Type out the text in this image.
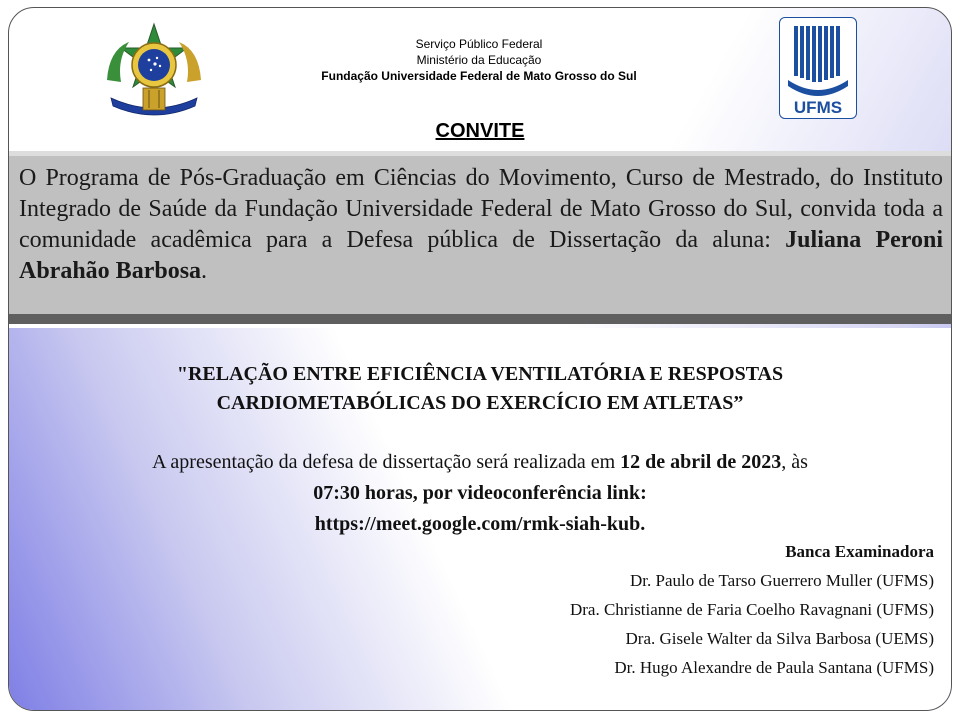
Serviço Público Federal
Ministério da Educação
Fundação Universidade Federal de Mato Grosso do Sul
UFMS
CONVITE
O Programa de Pós-Graduação em Ciências do Movimento, Curso de Mestrado, do Instituto Integrado de Saúde da Fundação Universidade Federal de Mato Grosso do Sul, convida toda a comunidade acadêmica para a Defesa pública de Dissertação da aluna: Juliana Peroni Abrahão Barbosa.
"RELAÇÃO ENTRE EFICIÊNCIA VENTILATÓRIA E RESPOSTAS
CARDIOMETABÓLICAS DO EXERCÍCIO EM ATLETAS”
A apresentação da defesa de dissertação será realizada em 12 de abril de 2023, às
07:30 horas, por videoconferência link:
https://meet.google.com/rmk-siah-kub.
Banca Examinadora
Dr. Paulo de Tarso Guerrero Muller (UFMS)
Dra. Christianne de Faria Coelho Ravagnani (UFMS)
Dra. Gisele Walter da Silva Barbosa (UEMS)
Dr. Hugo Alexandre de Paula Santana (UFMS)
